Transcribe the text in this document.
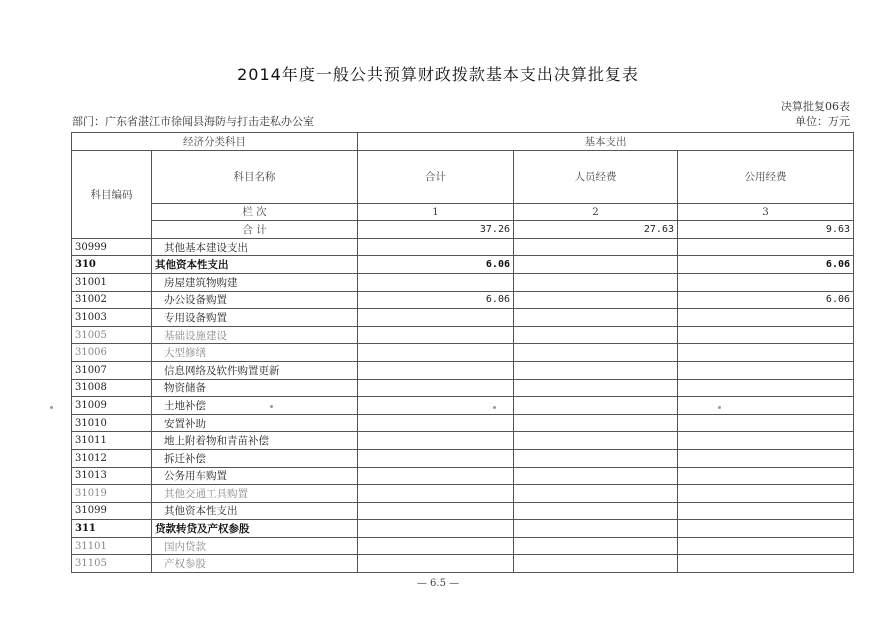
2014年度一般公共预算财政拨款基本支出决算批复表
决算批复06表
部门：广东省湛江市徐闻县海防与打击走私办公室	单位：万元
经济分类科目		基本支出		
科目编码	科目名称	合计	人员经费	公用经费
	栏 次	1	2	3
	合 计	37.26	27.63	9.63
30999	其他基本建设支出			
310	其他资本性支出	6.06		6.06
31001	房屋建筑物购建			
31002	办公设备购置	6.06		6.06
31003	专用设备购置			
31005	基础设施建设			
31006	大型修缮			
31007	信息网络及软件购置更新			
31008	物资储备			
31009	土地补偿			
31010	安置补助			
31011	地上附着物和青苗补偿			
31012	拆迁补偿			
31013	公务用车购置			
31019	其他交通工具购置			
31099	其他资本性支出			
311	贷款转贷及产权参股			
31101	国内贷款			
31105	产权参股			
— 6.5 —
